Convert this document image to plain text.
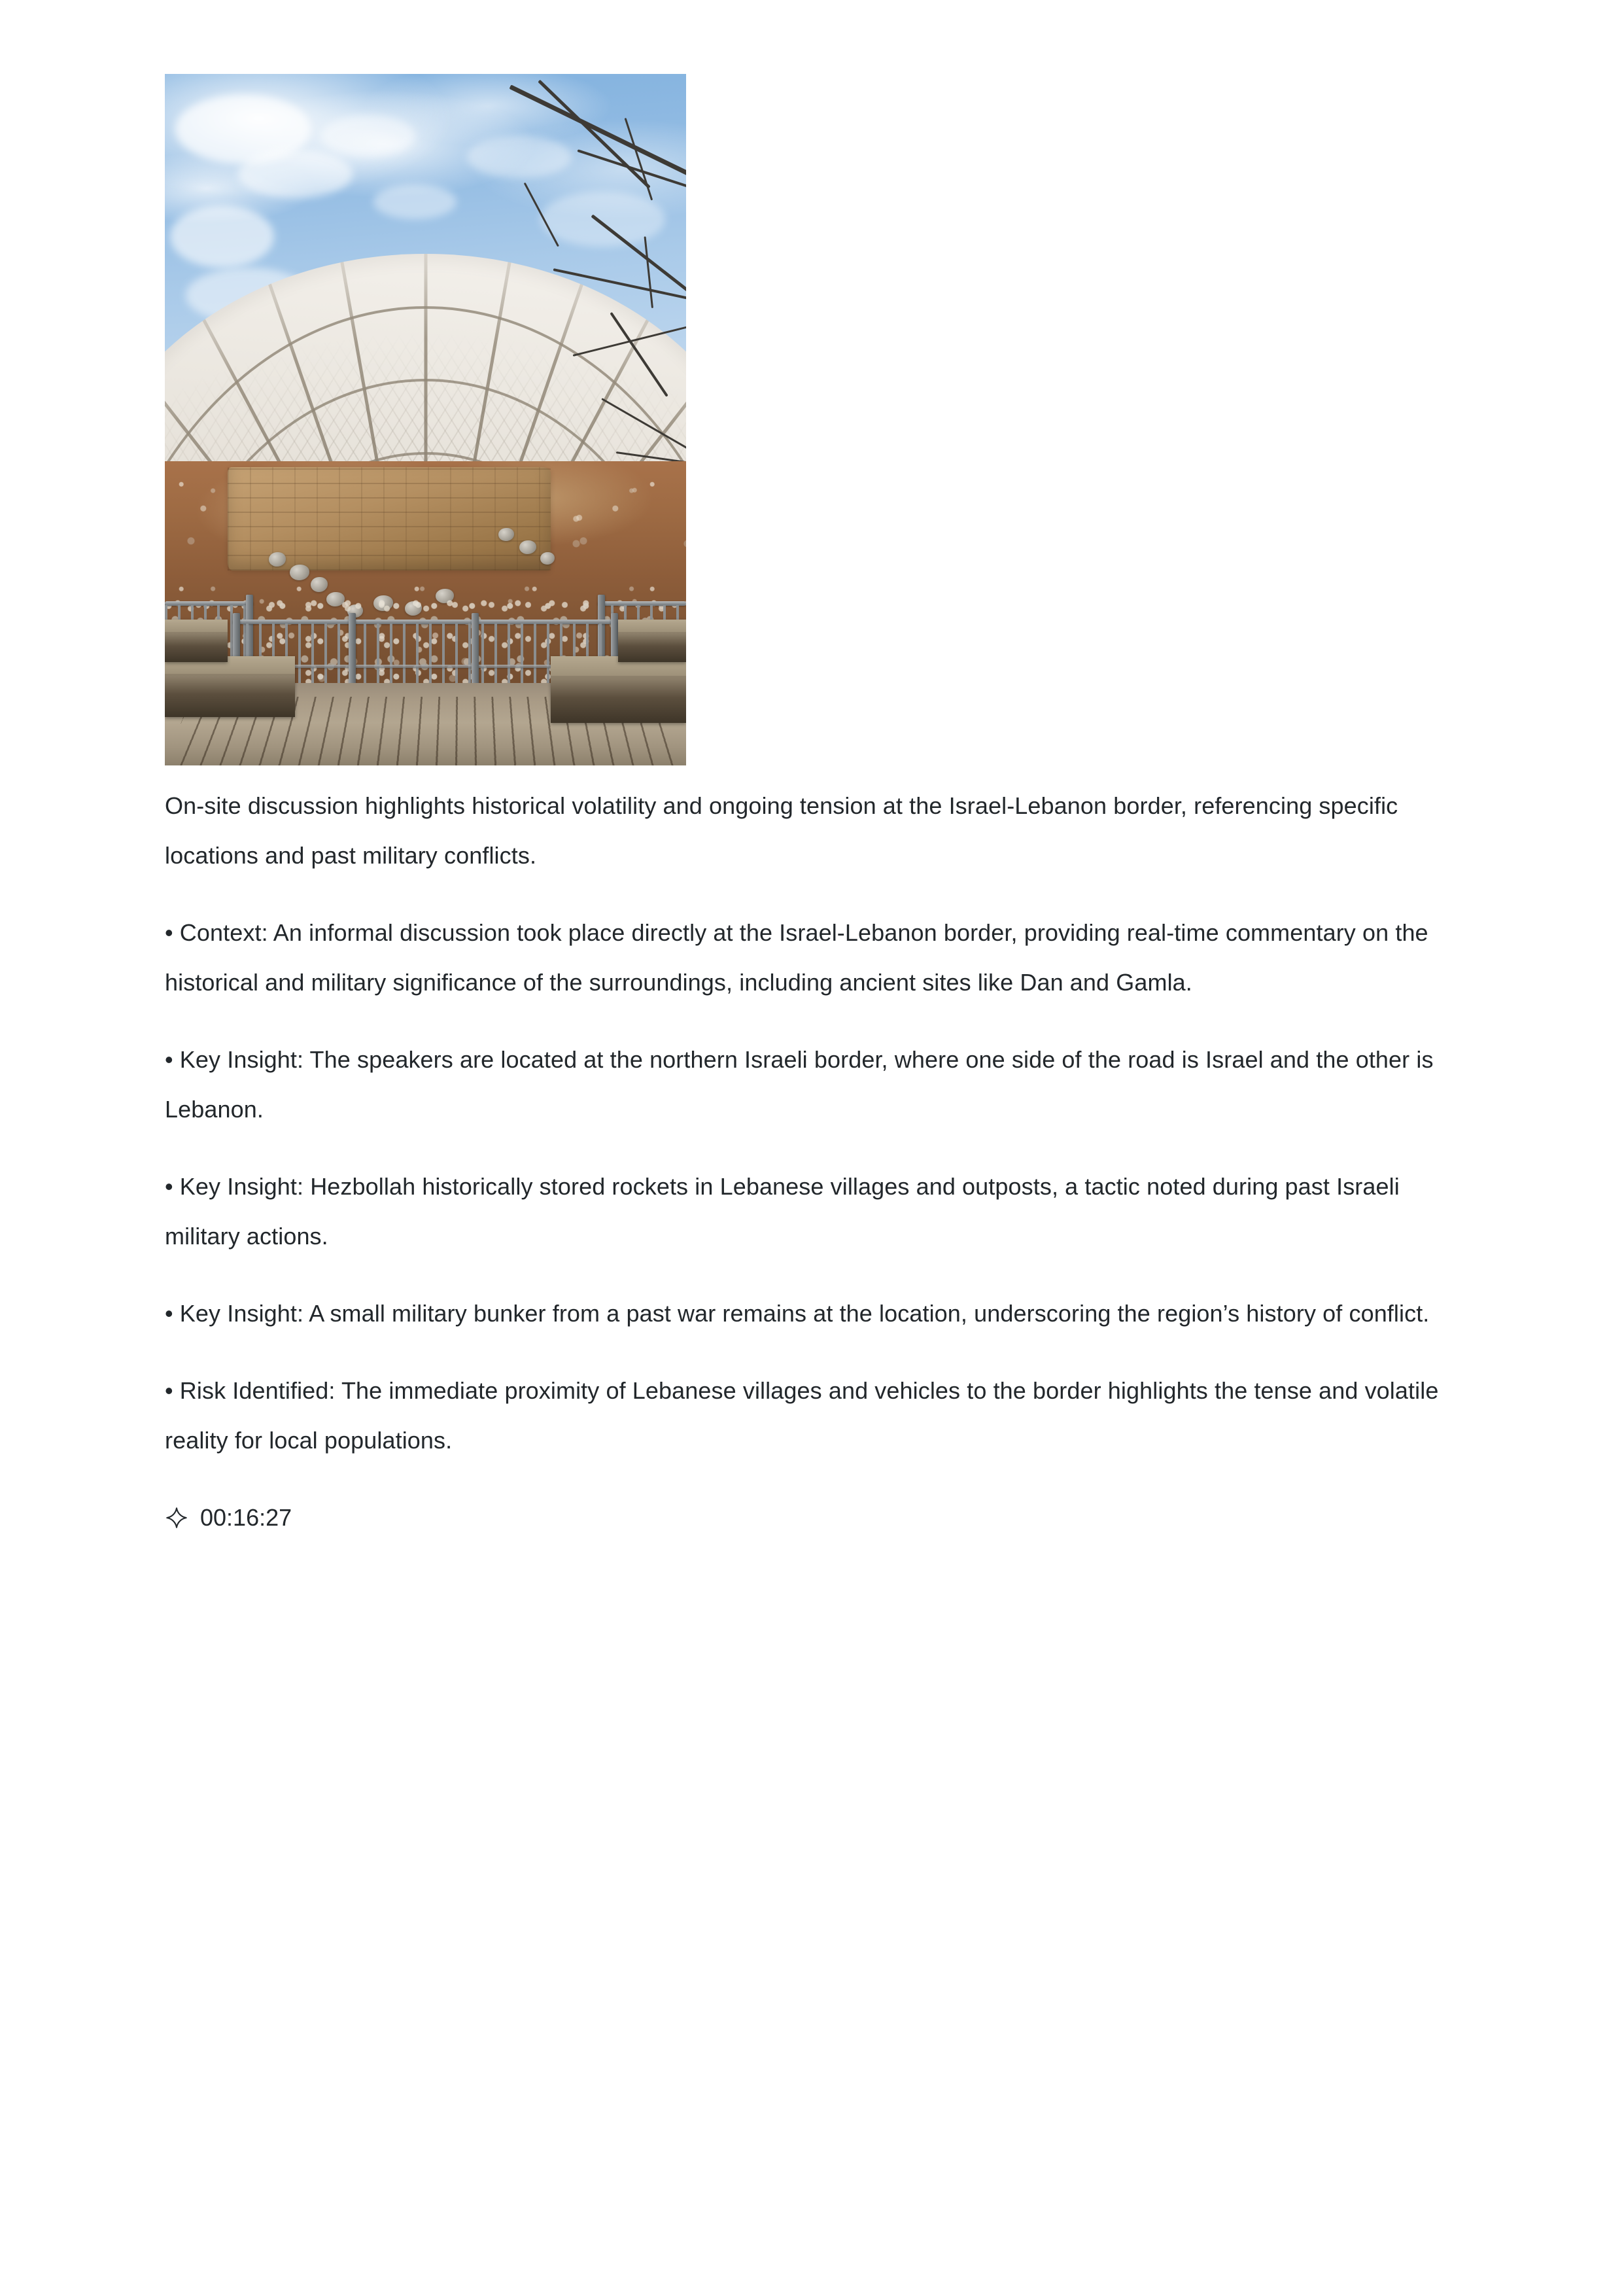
On-site discussion highlights historical volatility and ongoing tension at the Israel-Lebanon border, referencing specific locations and past military conflicts.

• Context: An informal discussion took place directly at the Israel-Lebanon border, providing real-time commentary on the historical and military significance of the surroundings, including ancient sites like Dan and Gamla.

• Key Insight: The speakers are located at the northern Israeli border, where one side of the road is Israel and the other is Lebanon.

• Key Insight: Hezbollah historically stored rockets in Lebanese villages and outposts, a tactic noted during past Israeli military actions.

• Key Insight: A small military bunker from a past war remains at the location, underscoring the region’s history of conflict.

• Risk Identified: The immediate proximity of Lebanese villages and vehicles to the border highlights the tense and volatile reality for local populations.

00:16:27
